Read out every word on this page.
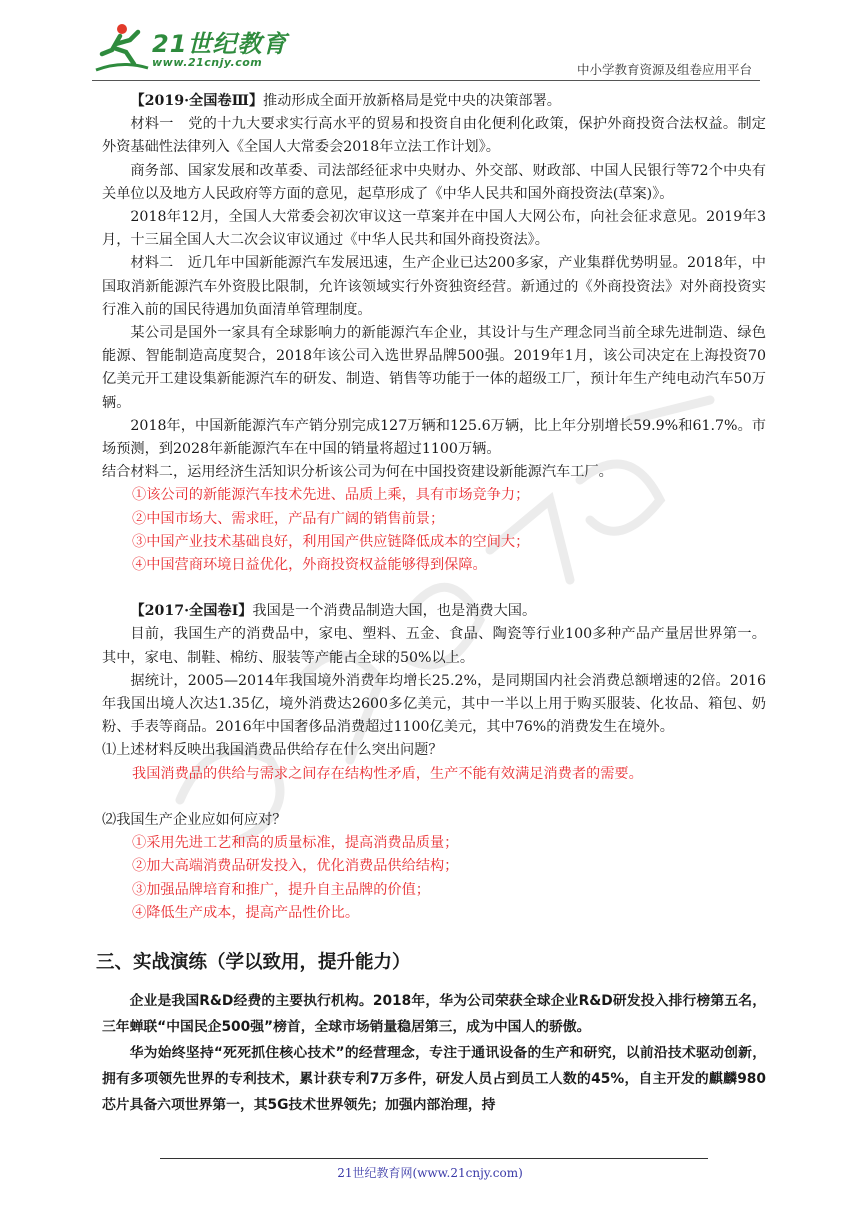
21世纪教育
www.21cnjy.com	中小学教育资源及组卷应用平台

【2019·全国卷Ⅲ】推动形成全面开放新格局是党中央的决策部署。

材料一　党的十九大要求实行高水平的贸易和投资自由化便利化政策，保护外商投资合法权益。制定外资基础性法律列入《全国人大常委会2018年立法工作计划》。

商务部、国家发展和改革委、司法部经征求中央财办、外交部、财政部、中国人民银行等72个中央有关单位以及地方人民政府等方面的意见，起草形成了《中华人民共和国外商投资法(草案)》。

2018年12月，全国人大常委会初次审议这一草案并在中国人大网公布，向社会征求意见。2019年3月，十三届全国人大二次会议审议通过《中华人民共和国外商投资法》。

材料二　近几年中国新能源汽车发展迅速，生产企业已达200多家，产业集群优势明显。2018年，中国取消新能源汽车外资股比限制，允许该领域实行外资独资经营。新通过的《外商投资法》对外商投资实行准入前的国民待遇加负面清单管理制度。

某公司是国外一家具有全球影响力的新能源汽车企业，其设计与生产理念同当前全球先进制造、绿色能源、智能制造高度契合，2018年该公司入选世界品牌500强。2019年1月，该公司决定在上海投资70亿美元开工建设集新能源汽车的研发、制造、销售等功能于一体的超级工厂，预计年生产纯电动汽车50万辆。

2018年，中国新能源汽车产销分别完成127万辆和125.6万辆，比上年分别增长59.9%和61.7%。市场预测，到2028年新能源汽车在中国的销量将超过1100万辆。

结合材料二，运用经济生活知识分析该公司为何在中国投资建设新能源汽车工厂。

①该公司的新能源汽车技术先进、品质上乘，具有市场竞争力；

②中国市场大、需求旺，产品有广阔的销售前景；

③中国产业技术基础良好，利用国产供应链降低成本的空间大；

④中国营商环境日益优化，外商投资权益能够得到保障。

【2017·全国卷Ⅰ】我国是一个消费品制造大国，也是消费大国。

目前，我国生产的消费品中，家电、塑料、五金、食品、陶瓷等行业100多种产品产量居世界第一。其中，家电、制鞋、棉纺、服装等产能占全球的50%以上。

据统计，2005—2014年我国境外消费年均增长25.2%，是同期国内社会消费总额增速的2倍。2016年我国出境人次达1.35亿，境外消费达2600多亿美元，其中一半以上用于购买服装、化妆品、箱包、奶粉、手表等商品。2016年中国奢侈品消费超过1100亿美元，其中76%的消费发生在境外。

⑴上述材料反映出我国消费品供给存在什么突出问题？

我国消费品的供给与需求之间存在结构性矛盾，生产不能有效满足消费者的需要。

⑵我国生产企业应如何应对？

①采用先进工艺和高的质量标准，提高消费品质量；

②加大高端消费品研发投入，优化消费品供给结构；

③加强品牌培育和推广，提升自主品牌的价值；

④降低生产成本，提高产品性价比。

三、实战演练（学以致用，提升能力）

企业是我国R&D经费的主要执行机构。2018年，华为公司荣获全球企业R&D研发投入排行榜第五名，三年蝉联“中国民企500强”榜首，全球市场销量稳居第三，成为中国人的骄傲。

华为始终坚持“死死抓住核心技术”的经营理念，专注于通讯设备的生产和研究，以前沿技术驱动创新，拥有多项领先世界的专利技术，累计获专利7万多件，研发人员占到员工人数的45%，自主开发的麒麟980芯片具备六项世界第一，其5G技术世界领先；加强内部治理，持

21世纪教育网(www.21cnjy.com)
